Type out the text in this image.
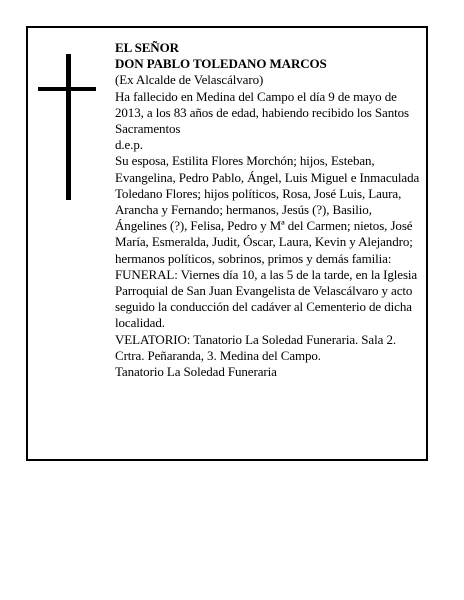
EL SEÑOR

DON PABLO TOLEDANO MARCOS

(Ex Alcalde de Velascálvaro)

Ha fallecido en Medina del Campo el día 9 de mayo de 2013, a los 83 años de edad, habiendo recibido los Santos Sacramentos

d.e.p.

Su esposa, Estilita Flores Morchón; hijos, Esteban, Evangelina, Pedro Pablo, Ángel, Luis Miguel e Inmaculada Toledano Flores; hijos políticos, Rosa, José Luis, Laura, Arancha y Fernando; hermanos, Jesús (?), Basilio, Ángelines (?), Felisa, Pedro y Mª del Carmen; nietos, José María, Esmeralda, Judit, Óscar, Laura, Kevin y Alejandro; hermanos políticos, sobrinos, primos y demás familia:

FUNERAL: Viernes día 10, a las 5 de la tarde, en la Iglesia Parroquial de San Juan Evangelista de Velascálvaro y acto seguido la conducción del cadáver al Cementerio de dicha localidad.

VELATORIO: Tanatorio La Soledad Funeraria. Sala 2. Crtra. Peñaranda, 3. Medina del Campo.

Tanatorio La Soledad Funeraria
